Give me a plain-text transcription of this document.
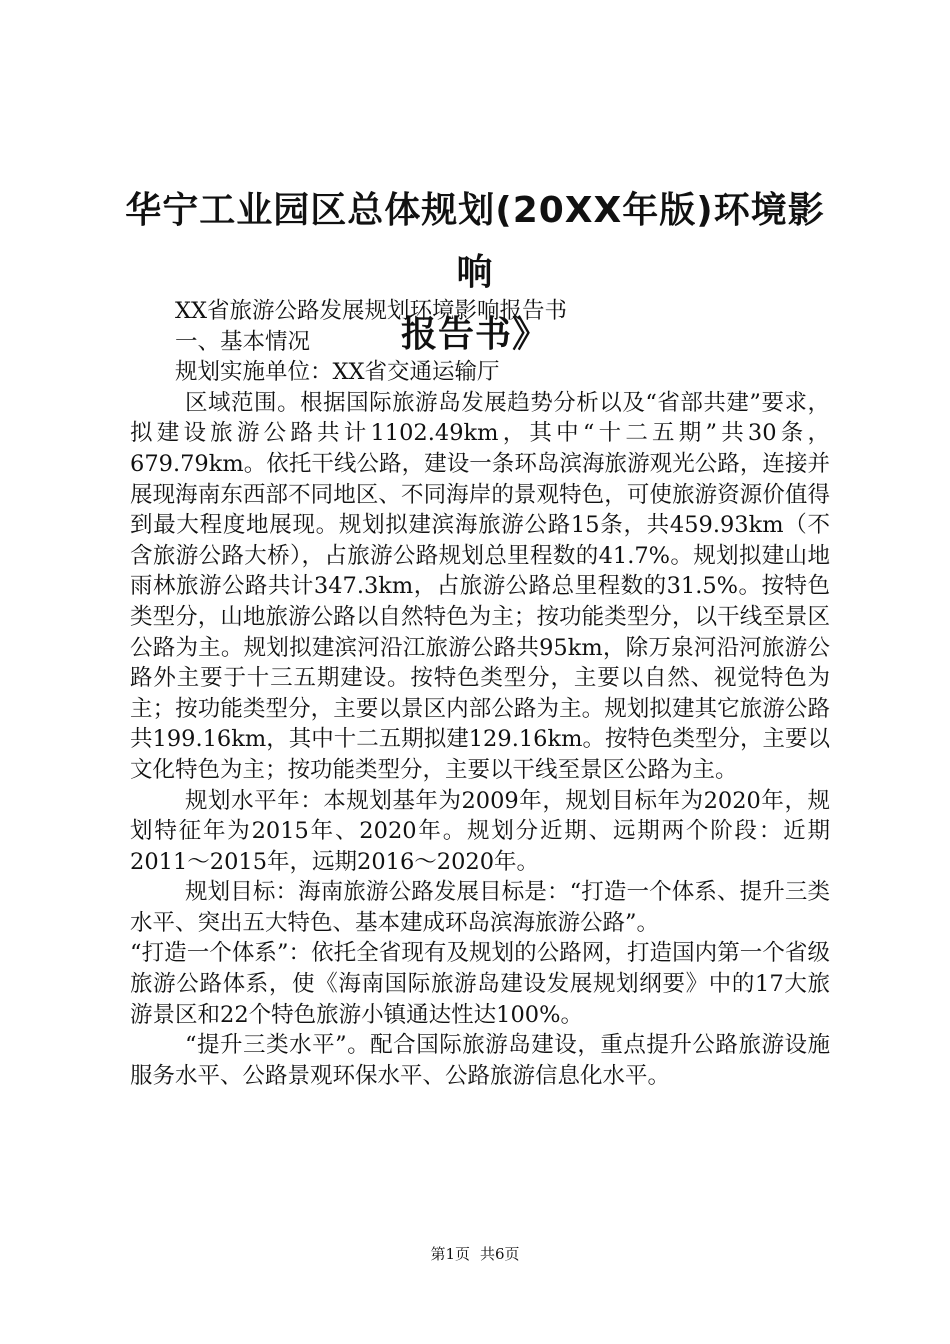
华宁工业园区总体规划(20XX年版)环境影响
报告书》

XX省旅游公路发展规划环境影响报告书

一、基本情况

规划实施单位：XX省交通运输厅

区域范围。根据国际旅游岛发展趋势分析以及“省部共建”要求，拟建设旅游公路共计1102.49km，其中“十二五期”共30条，679.79km。依托干线公路，建设一条环岛滨海旅游观光公路，连接并展现海南东西部不同地区、不同海岸的景观特色，可使旅游资源价值得到最大程度地展现。规划拟建滨海旅游公路15条，共459.93km（不含旅游公路大桥），占旅游公路规划总里程数的41.7%。规划拟建山地雨林旅游公路共计347.3km，占旅游公路总里程数的31.5%。按特色类型分，山地旅游公路以自然特色为主；按功能类型分，以干线至景区公路为主。规划拟建滨河沿江旅游公路共95km，除万泉河沿河旅游公路外主要于十三五期建设。按特色类型分，主要以自然、视觉特色为主；按功能类型分，主要以景区内部公路为主。规划拟建其它旅游公路共199.16km，其中十二五期拟建129.16km。按特色类型分，主要以文化特色为主；按功能类型分，主要以干线至景区公路为主。

规划水平年：本规划基年为2009年，规划目标年为2020年，规划特征年为2015年、2020年。规划分近期、远期两个阶段：近期2011～2015年，远期2016～2020年。

规划目标：海南旅游公路发展目标是：“打造一个体系、提升三类水平、突出五大特色、基本建成环岛滨海旅游公路”。

“打造一个体系”：依托全省现有及规划的公路网，打造国内第一个省级旅游公路体系，使《海南国际旅游岛建设发展规划纲要》中的17大旅游景区和22个特色旅游小镇通达性达100%。

“提升三类水平”。配合国际旅游岛建设，重点提升公路旅游设施服务水平、公路景观环保水平、公路旅游信息化水平。

第1页 共6页
